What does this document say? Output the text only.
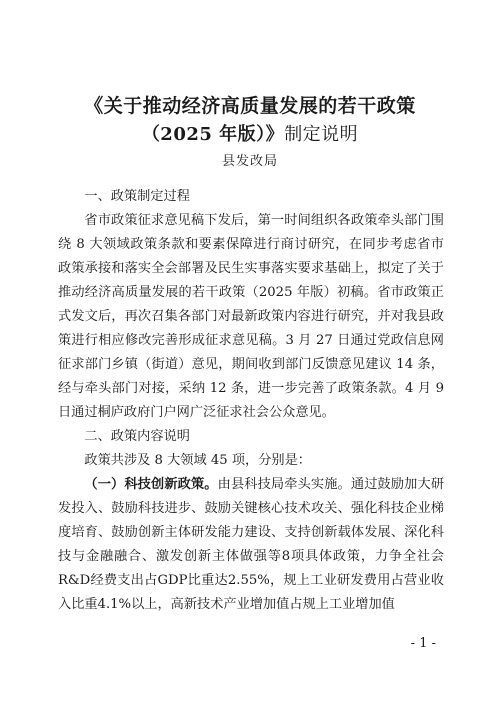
《关于推动经济高质量发展的若干政策
（2025 年版）》制定说明
县发改局

一、政策制定过程

省市政策征求意见稿下发后，第一时间组织各政策牵头部门围绕 8 大领域政策条款和要素保障进行商讨研究，在同步考虑省市政策承接和落实全会部署及民生实事落实要求基础上，拟定了关于推动经济高质量发展的若干政策（2025 年版）初稿。省市政策正式发文后，再次召集各部门对最新政策内容进行研究，并对我县政策进行相应修改完善形成征求意见稿。3 月 27 日通过党政信息网征求部门乡镇（街道）意见，期间收到部门反馈意见建议 14 条，经与牵头部门对接，采纳 12 条，进一步完善了政策条款。4 月 9 日通过桐庐政府门户网广泛征求社会公众意见。

二、政策内容说明

政策共涉及 8 大领域 45 项，分别是：

（一）科技创新政策。由县科技局牵头实施。通过鼓励加大研发投入、鼓励科技进步、鼓励关键核心技术攻关、强化科技企业梯度培育、鼓励创新主体研发能力建设、支持创新载体发展、深化科技与金融融合、激发创新主体做强等8项具体政策，力争全社会R&D经费支出占GDP比重达2.55%，规上工业研发费用占营业收入比重4.1%以上，高新技术产业增加值占规上工业增加值

- 1 -
